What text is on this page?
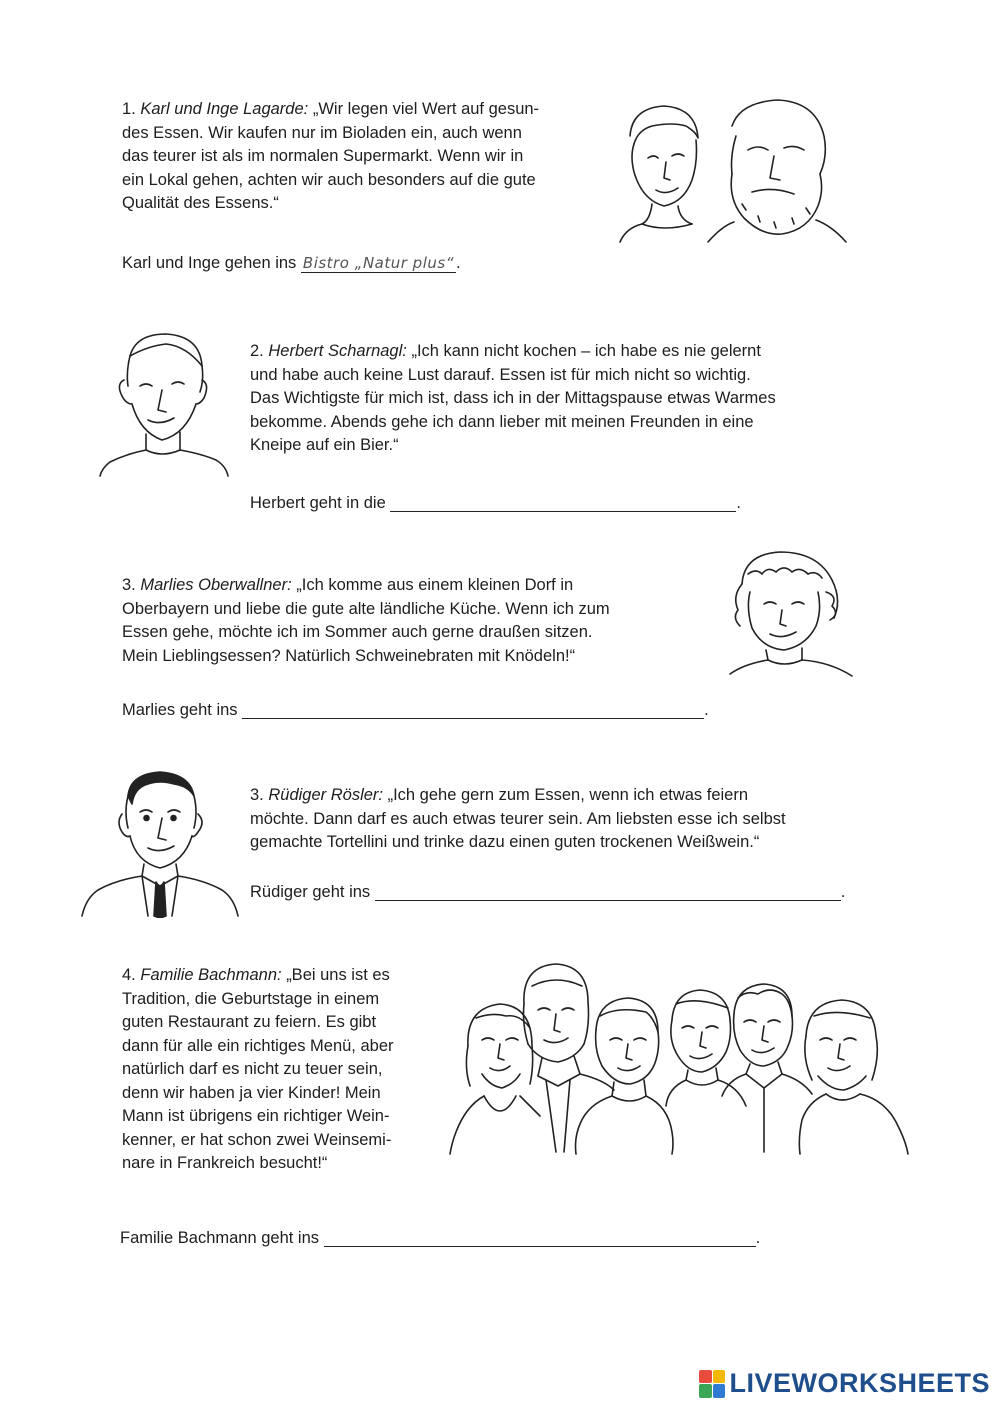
1. Karl und Inge Lagarde: „Wir legen viel Wert auf gesun-
des Essen. Wir kaufen nur im Bioladen ein, auch wenn
das teurer ist als im normalen Supermarkt. Wenn wir in
ein Lokal gehen, achten wir auch besonders auf die gute
Qualität des Essens.“

Karl und Inge gehen ins Bistro „Natur plus“ .

2. Herbert Scharnagl: „Ich kann nicht kochen – ich habe es nie gelernt
und habe auch keine Lust darauf. Essen ist für mich nicht so wichtig.
Das Wichtigste für mich ist, dass ich in der Mittagspause etwas Warmes
bekomme. Abends gehe ich dann lieber mit meinen Freunden in eine
Kneipe auf ein Bier.“

Herbert geht in die	.

3. Marlies Oberwallner: „Ich komme aus einem kleinen Dorf in
Oberbayern und liebe die gute alte ländliche Küche. Wenn ich zum
Essen gehe, möchte ich im Sommer auch gerne draußen sitzen.
Mein Lieblingsessen? Natürlich Schweinebraten mit Knödeln!“

Marlies geht ins	.

3. Rüdiger Rösler: „Ich gehe gern zum Essen, wenn ich etwas feiern
möchte. Dann darf es auch etwas teurer sein. Am liebsten esse ich selbst
gemachte Tortellini und trinke dazu einen guten trockenen Weißwein.“

Rüdiger geht ins	.

4. Familie Bachmann: „Bei uns ist es
Tradition, die Geburtstage in einem
guten Restaurant zu feiern. Es gibt
dann für alle ein richtiges Menü, aber
natürlich darf es nicht zu teuer sein,
denn wir haben ja vier Kinder! Mein
Mann ist übrigens ein richtiger Wein-
kenner, er hat schon zwei Weinsemi-
nare in Frankreich besucht!“

Familie Bachmann geht ins	.
LIVEWORKSHEETS
